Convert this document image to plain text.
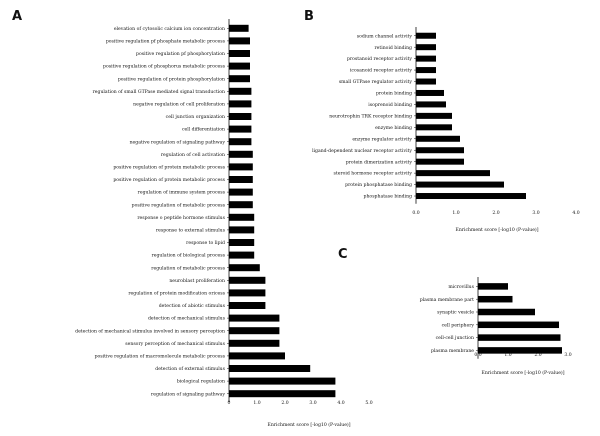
A
elevation of cytosolic calcium ion concentration
positive regulation pf phosphate metabolic process
positive regulation pf phosphorylation
positive regulation of phosphorus metabolic process
positive regulation of protein phosphorylation
regulation of small GTPase mediated signal transduction
negative regulation of cell proliferation
cell junction organization
cell differentiation
negative regulation of signaling pathway
regulation of cell activation
positive regulation of protein metabolic process
positive regulation of protein metabolic process
regulation of immune system process
positive regulation of metabolic process
response o peptide hormone stimulus
response to external stimulus
response to lipid
regulation of biological process
regulation of metabolic process
neuroblast proliferation
regulation of protein modification oricess
detection of abiotic stimulus
detection of mechanical stimulus
detection of mechanical stimulus involved in sensory perception
sensory perception of mechanical stimulus
positive regulation of macromolecule metabolic process
detection of external stimulus
biological regulation
regulation of signaling pathway
0	1.0	2.0	3.0	4.0	5.0
Enrichment score [-log10 (P-value)]
B
sodium channel activity
retinoid binding
prostanoid receptor activity
icosanoid receptor activity
small GTPase regulator activity
protein binding
isoprenoid binding
neurotrophin TRK receptor binding
enzyme binding
enzyme regulator activity
ligand-dependent nuclear receptor activity
protein dimerization activity
steroid hormone receptor activity
protein phosphatase binding
phosphatase binding
0.0	1.0	2.0	3.0	4.0
Enrichment score [-log10 (P-value)]
C
microvillus
plasma membrane part
synaptic vesicle
cell periphery
cell-cell junction
plasma membrane
0.0	1.0	2.0	3.0
Enrichment score [-log10 (P-value)]
